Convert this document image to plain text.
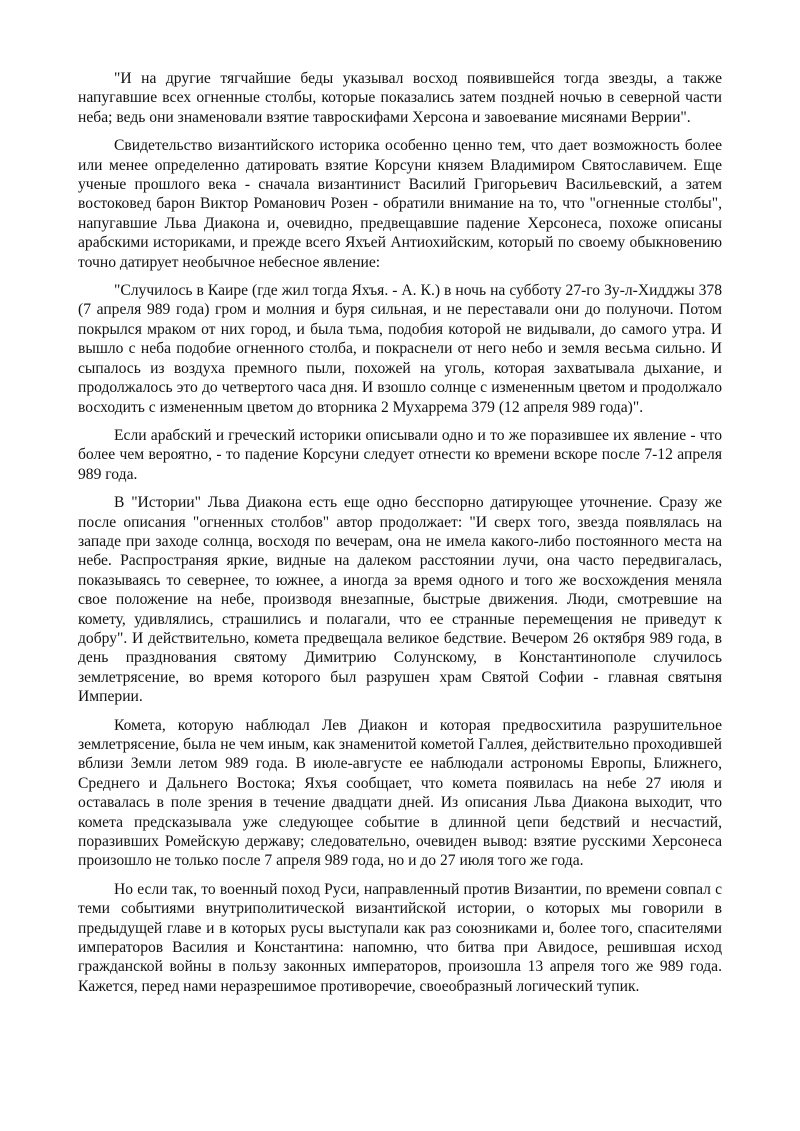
"И на другие тягчайшие беды указывал восход появившейся тогда звезды, а также напугавшие всех огненные столбы, которые показались затем поздней ночью в северной части неба; ведь они знаменовали взятие тавроскифами Херсона и завоевание мисянами Веррии".

Свидетельство византийского историка особенно ценно тем, что дает возможность более или менее определенно датировать взятие Корсуни князем Владимиром Святославичем. Еще ученые прошлого века - сначала византинист Василий Григорьевич Васильевский, а затем востоковед барон Виктор Романович Розен - обратили внимание на то, что "огненные столбы", напугавшие Льва Диакона и, очевидно, предвещавшие падение Херсонеса, похоже описаны арабскими историками, и прежде всего Яхъей Антиохийским, который по своему обыкновению точно датирует необычное небесное явление:

"Случилось в Каире (где жил тогда Яхъя. - А. К.) в ночь на субботу 27-го Зу-л-Хидджы 378 (7 апреля 989 года) гром и молния и буря сильная, и не переставали они до полуночи. Потом покрылся мраком от них город, и была тьма, подобия которой не видывали, до самого утра. И вышло с неба подобие огненного столба, и покраснели от него небо и земля весьма сильно. И сыпалось из воздуха премного пыли, похожей на уголь, которая захватывала дыхание, и продолжалось это до четвертого часа дня. И взошло солнце с измененным цветом и продолжало восходить с измененным цветом до вторника 2 Мухаррема 379 (12 апреля 989 года)".

Если арабский и греческий историки описывали одно и то же поразившее их явление - что более чем вероятно, - то падение Корсуни следует отнести ко времени вскоре после 7-12 апреля 989 года.

В "Истории" Льва Диакона есть еще одно бесспорно датирующее уточнение. Сразу же после описания "огненных столбов" автор продолжает: "И сверх того, звезда появлялась на западе при заходе солнца, восходя по вечерам, она не имела какого-либо постоянного места на небе. Распространяя яркие, видные на далеком расстоянии лучи, она часто передвигалась, показываясь то севернее, то южнее, а иногда за время одного и того же восхождения меняла свое положение на небе, производя внезапные, быстрые движения. Люди, смотревшие на комету, удивлялись, страшились и полагали, что ее странные перемещения не приведут к добру". И действительно, комета предвещала великое бедствие. Вечером 26 октября 989 года, в день празднования святому Димитрию Солунскому, в Константинополе случилось землетрясение, во время которого был разрушен храм Святой Софии - главная святыня Империи.

Комета, которую наблюдал Лев Диакон и которая предвосхитила разрушительное землетрясение, была не чем иным, как знаменитой кометой Галлея, действительно проходившей вблизи Земли летом 989 года. В июле-августе ее наблюдали астрономы Европы, Ближнего, Среднего и Дальнего Востока; Яхъя сообщает, что комета появилась на небе 27 июля и оставалась в поле зрения в течение двадцати дней. Из описания Льва Диакона выходит, что комета предсказывала уже следующее событие в длинной цепи бедствий и несчастий, поразивших Ромейскую державу; следовательно, очевиден вывод: взятие русскими Херсонеса произошло не только после 7 апреля 989 года, но и до 27 июля того же года.

Но если так, то военный поход Руси, направленный против Византии, по времени совпал с теми событиями внутриполитической византийской истории, о которых мы говорили в предыдущей главе и в которых русы выступали как раз союзниками и, более того, спасителями императоров Василия и Константина: напомню, что битва при Авидосе, решившая исход гражданской войны в пользу законных императоров, произошла 13 апреля того же 989 года. Кажется, перед нами неразрешимое противоречие, своеобразный логический тупик.
